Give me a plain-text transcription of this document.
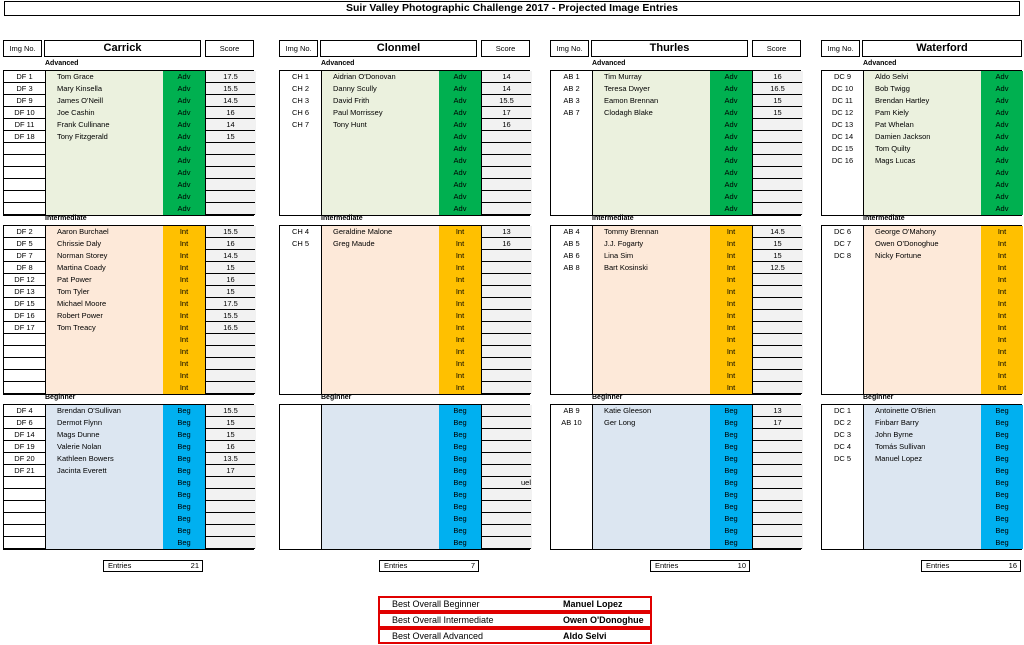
Suir Valley Photographic Challenge 2017 - Projected Image Entries
Img No.	Carrick	Score
Advanced
DF 1	Tom Grace	Adv	17.5
DF 3	Mary Kinsella	Adv	15.5
DF 9	James O'Neill	Adv	14.5
DF 10	Joe Cashin	Adv	16
DF 11	Frank Cullinane	Adv	14
DF 18	Tony Fitzgerald	Adv	15
Adv
Adv
Adv
Adv
Adv
Adv
Intermediate
DF 2	Aaron Burchael	Int	15.5
DF 5	Chrissie Daly	Int	16
DF 7	Norman Storey	Int	14.5
DF 8	Martina Coady	Int	15
DF 12	Pat Power	Int	16
DF 13	Tom Tyler	Int	15
DF 15	Michael Moore	Int	17.5
DF 16	Robert Power	Int	15.5
DF 17	Tom Treacy	Int	16.5
Int
Int
Int
Int
Int
Beginner
DF 4	Brendan O'Sullivan	Beg	15.5
DF 6	Dermot Flynn	Beg	15
DF 14	Mags Dunne	Beg	15
DF 19	Valerie Nolan	Beg	16
DF 20	Kathleen Bowers	Beg	13.5
DF 21	Jacinta Everett	Beg	17
Beg
Beg
Beg
Beg
Beg
Beg
Entries	21
Img No.	Clonmel	Score
Advanced
CH 1	Aidrian O'Donovan	Adv	14
CH 2	Danny Scully	Adv	14
CH 3	David Frith	Adv	15.5
CH 6	Paul Morrissey	Adv	17
CH 7	Tony Hunt	Adv	16
Adv
Adv
Adv
Adv
Adv
Adv
Adv
Intermediate
CH 4	Geraldine Malone	Int	13
CH 5	Greg Maude	Int	16
Int
Int
Int
Int
Int
Int
Int
Int
Int
Int
Int
Int
Beginner
Beg
Beg
Beg
Beg
Beg
Beg
Beg	uel
Beg
Beg
Beg
Beg
Beg
Entries	7
Img No.	Thurles	Score
Advanced
AB 1	Tim Murray	Adv	16
AB 2	Teresa Dwyer	Adv	16.5
AB 3	Eamon Brennan	Adv	15
AB 7	Clodagh Blake	Adv	15
Adv
Adv
Adv
Adv
Adv
Adv
Adv
Adv
Intermediate
AB 4	Tommy Brennan	Int	14.5
AB 5	J.J. Fogarty	Int	15
AB 6	Lina Sim	Int	15
AB 8	Bart Kosinski	Int	12.5
Int
Int
Int
Int
Int
Int
Int
Int
Int
Int
Beginner
AB 9	Katie Gleeson	Beg	13
AB 10	Ger Long	Beg	17
Beg
Beg
Beg
Beg
Beg
Beg
Beg
Beg
Beg
Beg
Entries	10
Img No.	Waterford
Advanced
DC 9	Aldo Selvi	Adv
DC 10	Bob Twigg	Adv
DC 11	Brendan Hartley	Adv
DC 12	Pam Kiely	Adv
DC 13	Pat Whelan	Adv
DC 14	Damien Jackson	Adv
DC 15	Tom Quilty	Adv
DC 16	Mags Lucas	Adv
Adv
Adv
Adv
Adv
Intermediate
DC 6	George O'Mahony	Int
DC 7	Owen O'Donoghue	Int
DC 8	Nicky Fortune	Int
Int
Int
Int
Int
Int
Int
Int
Int
Int
Int
Int
Beginner
DC 1	Antoinette O'Brien	Beg
DC 2	Finbarr Barry	Beg
DC 3	John Byrne	Beg
DC 4	Tomás Sullivan	Beg
DC 5	Manuel Lopez	Beg
Beg
Beg
Beg
Beg
Beg
Beg
Beg
Entries	16
Best Overall Beginner	Manuel Lopez
Best Overall Intermediate	Owen O'Donoghue
Best Overall Advanced	Aldo Selvi
